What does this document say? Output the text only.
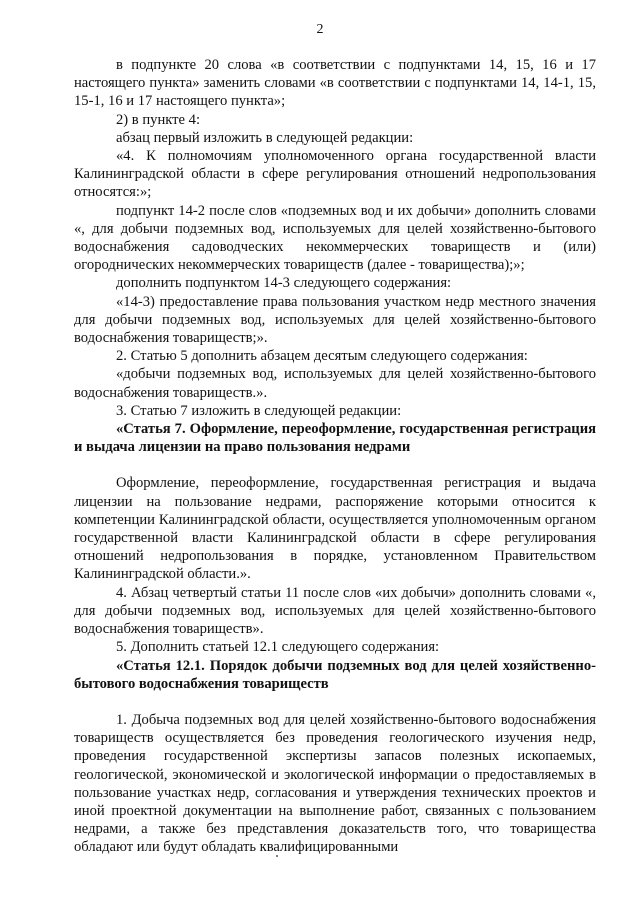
2

в подпункте 20 слова «в соответствии с подпунктами 14, 15, 16 и 17 настоящего пункта» заменить словами «в соответствии с подпунктами 14, 14-1, 15, 15-1, 16 и 17 настоящего пункта»;

2) в пункте 4:

абзац первый изложить в следующей редакции:

«4. К полномочиям уполномоченного органа государственной власти Калининградской области в сфере регулирования отношений недропользования относятся:»;

подпункт 14-2 после слов «подземных вод и их добычи» дополнить словами «, для добычи подземных вод, используемых для целей хозяйственно-бытового водоснабжения садоводческих некоммерческих товариществ и (или) огороднических некоммерческих товариществ (далее - товарищества);»;

дополнить подпунктом 14-3 следующего содержания:

«14-3) предоставление права пользования участком недр местного значения для добычи подземных вод, используемых для целей хозяйственно-бытового водоснабжения товариществ;».

2. Статью 5 дополнить абзацем десятым следующего содержания:

«добычи подземных вод, используемых для целей хозяйственно-бытового водоснабжения товариществ.».

3. Статью 7 изложить в следующей редакции:

«Статья 7. Оформление, переоформление, государственная регистрация и выдача лицензии на право пользования недрами

Оформление, переоформление, государственная регистрация и выдача лицензии на пользование недрами, распоряжение которыми относится к компетенции Калининградской области, осуществляется уполномоченным органом государственной власти Калининградской области в сфере регулирования отношений недропользования в порядке, установленном Правительством Калининградской области.».

4. Абзац четвертый статьи 11 после слов «их добычи» дополнить словами «, для добычи подземных вод, используемых для целей хозяйственно-бытового водоснабжения товариществ».

5. Дополнить статьей 12.1 следующего содержания:

«Статья 12.1. Порядок добычи подземных вод для целей хозяйственно-бытового водоснабжения товариществ

1. Добыча подземных вод для целей хозяйственно-бытового водоснабжения товариществ осуществляется без проведения геологического изучения недр, проведения государственной экспертизы запасов полезных ископаемых, геологической, экономической и экологической информации о предоставляемых в пользование участках недр, согласования и утверждения технических проектов и иной проектной документации на выполнение работ, связанных с пользованием недрами, а также без представления доказательств того, что товарищества обладают или будут обладать квалифицированными
